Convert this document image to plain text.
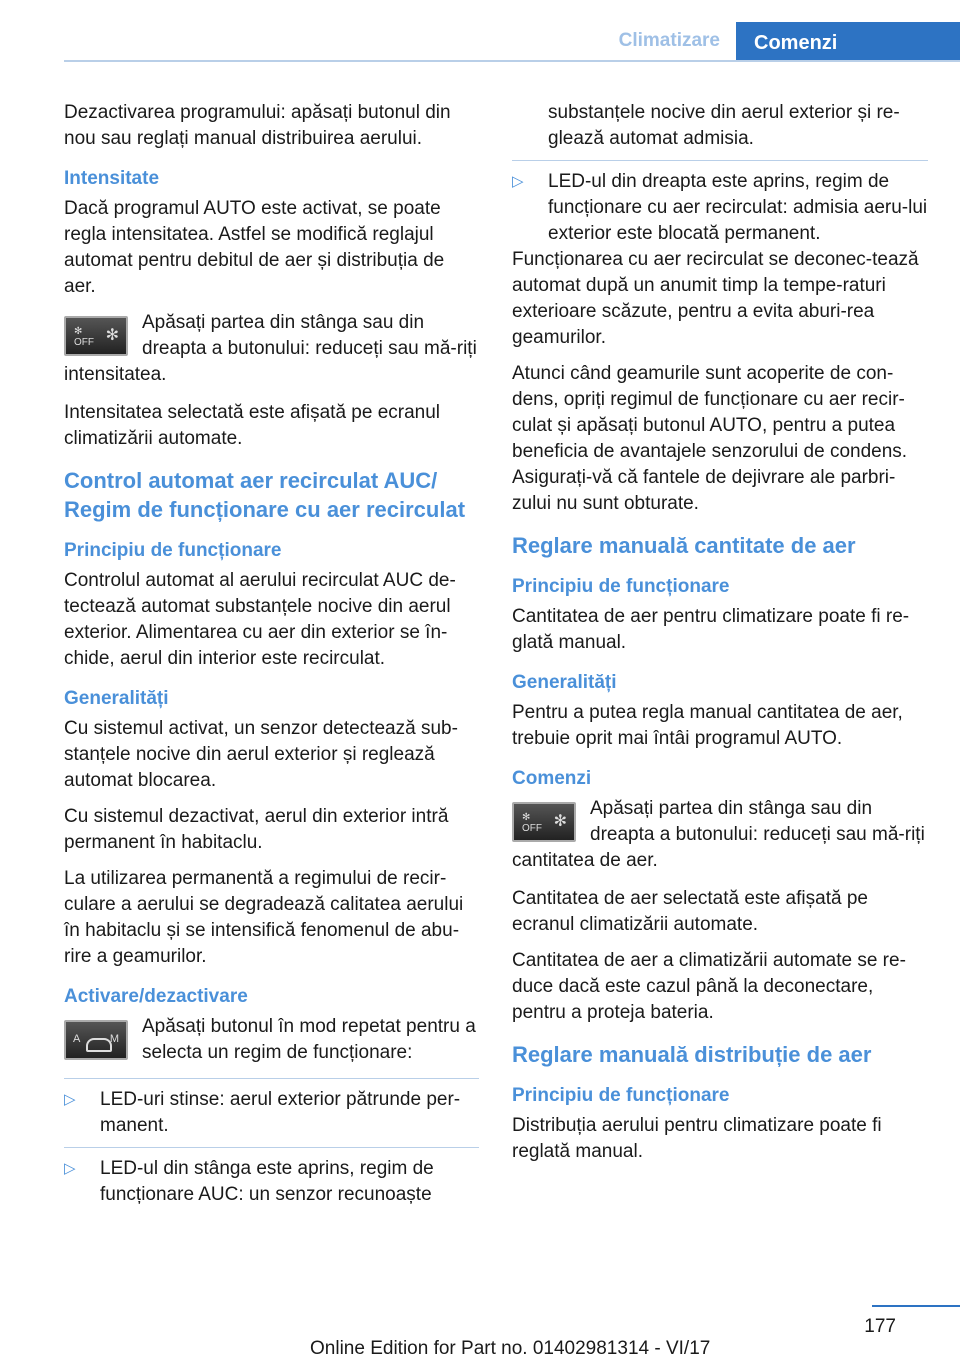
Climatizare	Comenzi

Dezactivarea programului: apăsați butonul din nou sau reglați manual distribuirea aerului.

Intensitate

Dacă programul AUTO este activat, se poate regla intensitatea. Astfel se modifică reglajul automat pentru debitul de aer și distribuția de aer.

✻
OFF ✻
Apăsați partea din stânga sau din dreapta a butonului: reduceți sau mă‐riți intensitatea.

Intensitatea selectată este afișată pe ecranul climatizării automate.

Control automat aer recirculat AUC/ Regim de funcționare cu aer recirculat
Principiu de funcționare

Controlul automat al aerului recirculat AUC de‐tectează automat substanțele nocive din aerul exterior. Alimentarea cu aer din exterior se în‐chide, aerul din interior este recirculat.

Generalități

Cu sistemul activat, un senzor detectează sub‐stanțele nocive din aerul exterior și reglează automat blocarea.

Cu sistemul dezactivat, aerul din exterior intră permanent în habitaclu.

La utilizarea permanentă a regimului de recir‐culare a aerului se degradează calitatea aerului în habitaclu și se intensifică fenomenul de abu‐rire a geamurilor.

Activare/dezactivare
A	M
Apăsați butonul în mod repetat pentru a selecta un regim de funcționare:

▷ LED-uri stinse: aerul exterior pătrunde per‐manent.

▷ LED-ul din stânga este aprins, regim de funcționare AUC: un senzor recunoaște

substanțele nocive din aerul exterior și re‐glează automat admisia.

▷ LED-ul din dreapta este aprins, regim de funcționare cu aer recirculat: admisia aeru‐lui exterior este blocată permanent.

Funcționarea cu aer recirculat se deconec‐tează automat după un anumit timp la tempe‐raturi exterioare scăzute, pentru a evita aburi‐rea geamurilor.

Atunci când geamurile sunt acoperite de con‐dens, opriți regimul de funcționare cu aer recir‐culat și apăsați butonul AUTO, pentru a putea beneficia de avantajele senzorului de condens. Asigurați-vă că fantele de dejivrare ale parbri‐zului nu sunt obturate.

Reglare manuală cantitate de aer
Principiu de funcționare

Cantitatea de aer pentru climatizare poate fi re‐glată manual.

Generalități

Pentru a putea regla manual cantitatea de aer, trebuie oprit mai întâi programul AUTO.

Comenzi
✻
OFF ✻
Apăsați partea din stânga sau din dreapta a butonului: reduceți sau mă‐riți cantitatea de aer.

Cantitatea de aer selectată este afișată pe ecranul climatizării automate.

Cantitatea de aer a climatizării automate se re‐duce dacă este cazul până la deconectare, pentru a proteja bateria.

Reglare manuală distribuție de aer
Principiu de funcționare

Distribuția aerului pentru climatizare poate fi reglată manual.

177
Online Edition for Part no. 01402981314 - VI/17
